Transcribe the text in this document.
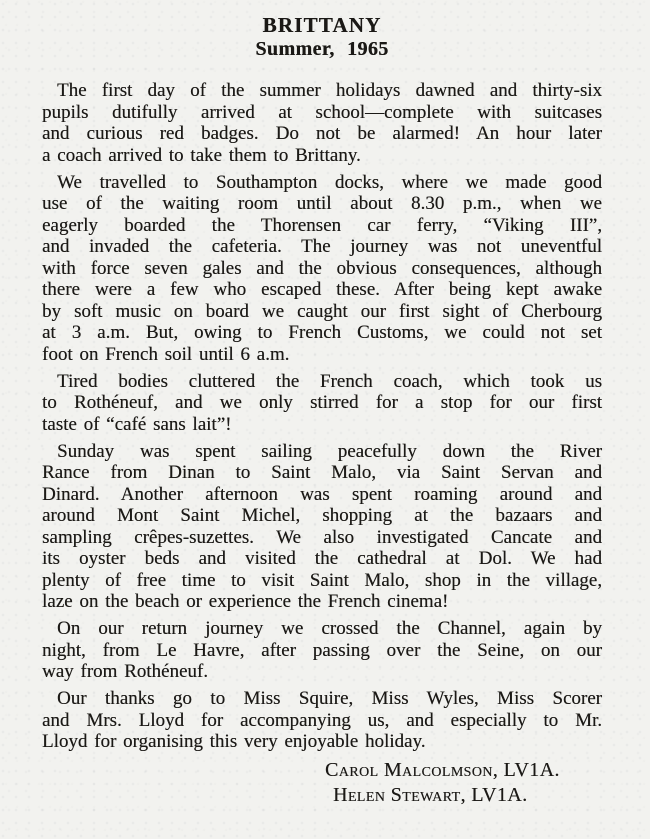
BRITTANY
Summer, 1965
The first day of the summer holidays dawned and thirty-six
pupils dutifully arrived at school—complete with suitcases
and curious red badges. Do not be alarmed! An hour later
a coach arrived to take them to Brittany.
We travelled to Southampton docks, where we made good
use of the waiting room until about 8.30 p.m., when we
eagerly boarded the Thorensen car ferry, “Viking III”,
and invaded the cafeteria. The journey was not uneventful
with force seven gales and the obvious consequences, although
there were a few who escaped these. After being kept awake
by soft music on board we caught our first sight of Cherbourg
at 3 a.m. But, owing to French Customs, we could not set
foot on French soil until 6 a.m.
Tired bodies cluttered the French coach, which took us
to Rothéneuf, and we only stirred for a stop for our first
taste of “café sans lait”!
Sunday was spent sailing peacefully down the River
Rance from Dinan to Saint Malo, via Saint Servan and
Dinard. Another afternoon was spent roaming around and
around Mont Saint Michel, shopping at the bazaars and
sampling crêpes-suzettes. We also investigated Cancate and
its oyster beds and visited the cathedral at Dol. We had
plenty of free time to visit Saint Malo, shop in the village,
laze on the beach or experience the French cinema!
On our return journey we crossed the Channel, again by
night, from Le Havre, after passing over the Seine, on our
way from Rothéneuf.
Our thanks go to Miss Squire, Miss Wyles, Miss Scorer
and Mrs. Lloyd for accompanying us, and especially to Mr.
Lloyd for organising this very enjoyable holiday.
Carol Malcolmson, LV1A.
Helen Stewart, LV1A.
